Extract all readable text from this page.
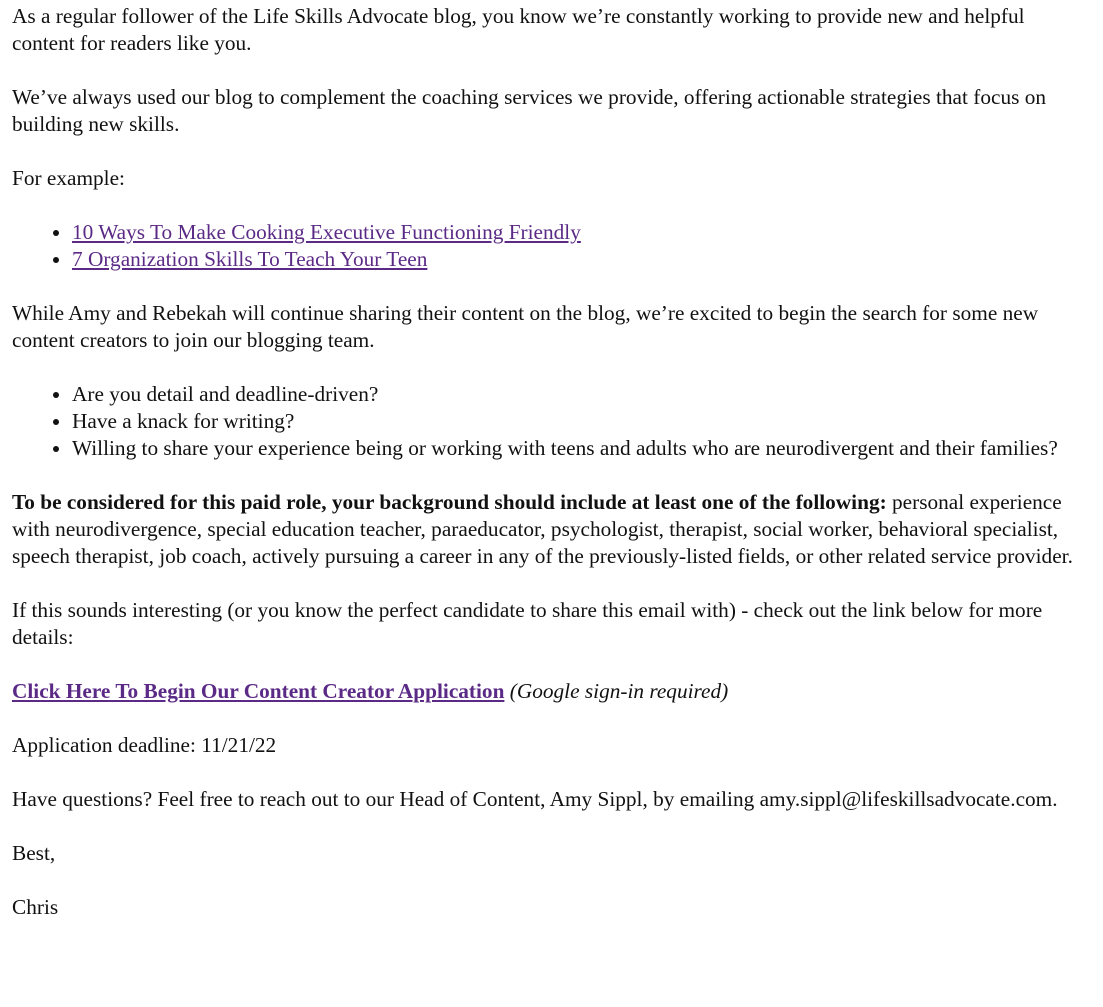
As a regular follower of the Life Skills Advocate blog, you know we’re constantly working to provide new and helpful content for readers like you.

We’ve always used our blog to complement the coaching services we provide, offering actionable strategies that focus on building new skills.

For example:

• 10 Ways To Make Cooking Executive Functioning Friendly
• 7 Organization Skills To Teach Your Teen

While Amy and Rebekah will continue sharing their content on the blog, we’re excited to begin the search for some new content creators to join our blogging team.

• Are you detail and deadline-driven?
• Have a knack for writing?
• Willing to share your experience being or working with teens and adults who are neurodivergent and their families?

To be considered for this paid role, your background should include at least one of the following: personal experience with neurodivergence, special education teacher, paraeducator, psychologist, therapist, social worker, behavioral specialist, speech therapist, job coach, actively pursuing a career in any of the previously-listed fields, or other related service provider.

If this sounds interesting (or you know the perfect candidate to share this email with) - check out the link below for more details:

Click Here To Begin Our Content Creator Application (Google sign-in required)

Application deadline: 11/21/22

Have questions? Feel free to reach out to our Head of Content, Amy Sippl, by emailing amy.sippl@lifeskillsadvocate.com.

Best,

Chris
